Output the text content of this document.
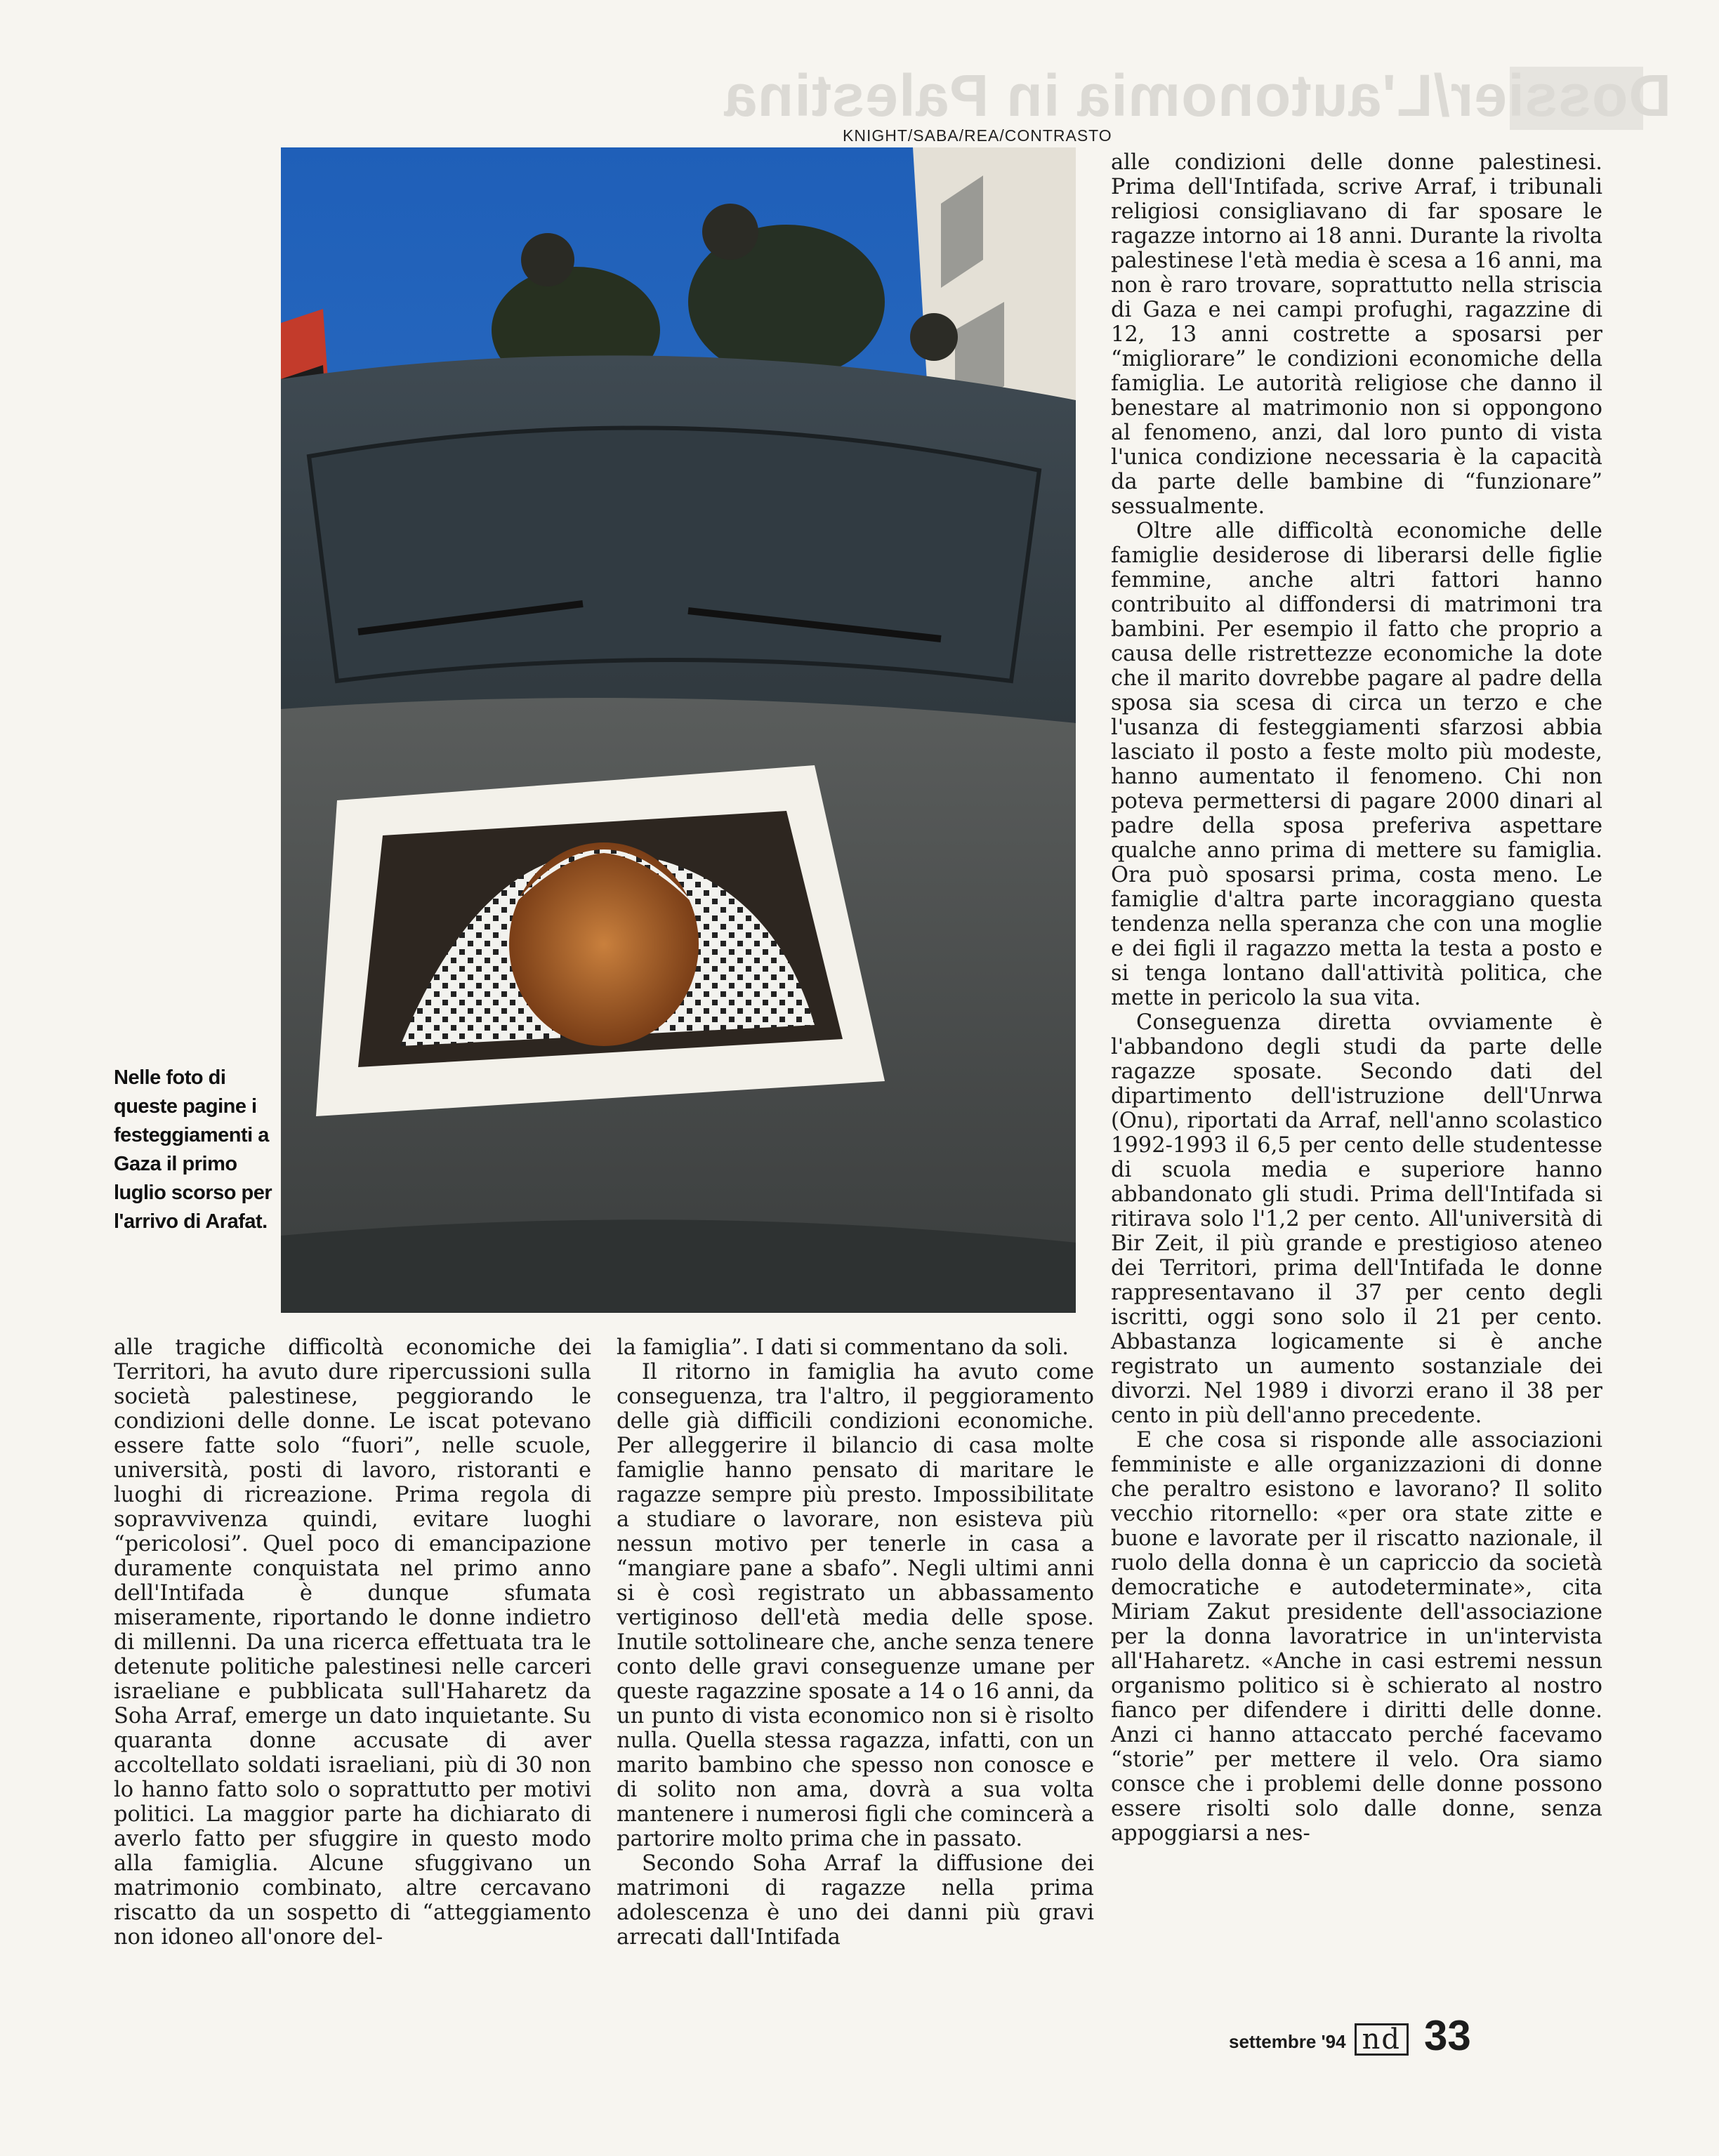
Dossier/L'autonomia in Palestina
KNIGHT/SABA/REA/CONTRASTO
Nelle foto di queste pagine i festeggiamenti a Gaza il primo luglio scorso per l'arrivo di Arafat.

alle condizioni delle donne palestinesi. Prima dell'Intifada, scrive Arraf, i tribunali religiosi consigliavano di far sposare le ragazze intorno ai 18 anni. Durante la rivolta palestinese l'età media è scesa a 16 anni, ma non è raro trovare, soprattutto nella striscia di Gaza e nei campi profughi, ragazzine di 12, 13 anni costrette a sposarsi per “migliorare” le condizioni economiche della famiglia. Le autorità religiose che danno il benestare al matrimonio non si oppongono al fenomeno, anzi, dal loro punto di vista l'unica condizione necessaria è la capacità da parte delle bambine di “funzionare” sessualmente.

Oltre alle difficoltà economiche delle famiglie desiderose di liberarsi delle figlie femmine, anche altri fattori hanno contribuito al diffondersi di matrimoni tra bambini. Per esempio il fatto che proprio a causa delle ristrettezze economiche la dote che il marito dovrebbe pagare al padre della sposa sia scesa di circa un terzo e che l'usanza di festeggiamenti sfarzosi abbia lasciato il posto a feste molto più modeste, hanno aumentato il fenomeno. Chi non poteva permettersi di pagare 2000 dinari al padre della sposa preferiva aspettare qualche anno prima di mettere su famiglia. Ora può sposarsi prima, costa meno. Le famiglie d'altra parte incoraggiano questa tendenza nella speranza che con una moglie e dei figli il ragazzo metta la testa a posto e si tenga lontano dall'attività politica, che mette in pericolo la sua vita.

Conseguenza diretta ovviamente è l'abbandono degli studi da parte delle ragazze sposate. Secondo dati del dipartimento dell'istruzione dell'Unrwa (Onu), riportati da Arraf, nell'anno scolastico 1992-1993 il 6,5 per cento delle studentesse di scuola media e superiore hanno abbandonato gli studi. Prima dell'Intifada si ritirava solo l'1,2 per cento. All'università di Bir Zeit, il più grande e prestigioso ateneo dei Territori, prima dell'Intifada le donne rappresentavano il 37 per cento degli iscritti, oggi sono solo il 21 per cento. Abbastanza logicamente si è anche registrato un aumento sostanziale dei divorzi. Nel 1989 i divorzi erano il 38 per cento in più dell'anno precedente.

E che cosa si risponde alle associazioni femministe e alle organizzazioni di donne che peraltro esistono e lavorano? Il solito vecchio ritornello: «per ora state zitte e buone e lavorate per il riscatto nazionale, il ruolo della donna è un capriccio da società democratiche e autodeterminate», cita Miriam Zakut presidente dell'associazione per la donna lavoratrice in un'intervista all'Haharetz. «Anche in casi estremi nessun organismo politico si è schierato al nostro fianco per difendere i diritti delle donne. Anzi ci hanno attaccato perché facevamo “storie” per mettere il velo. Ora siamo consce che i problemi delle donne possono essere risolti solo dalle donne, senza appoggiarsi a nes-

alle tragiche difficoltà economiche dei Territori, ha avuto dure ripercussioni sulla società palestinese, peggiorando le condizioni delle donne. Le iscat potevano essere fatte solo “fuori”, nelle scuole, università, posti di lavoro, ristoranti e luoghi di ricreazione. Prima regola di sopravvivenza quindi, evitare luoghi “pericolosi”. Quel poco di emancipazione duramente conquistata nel primo anno dell'Intifada è dunque sfumata miseramente, riportando le donne indietro di millenni. Da una ricerca effettuata tra le detenute politiche palestinesi nelle carceri israeliane e pubblicata sull'Haharetz da Soha Arraf, emerge un dato inquietante. Su quaranta donne accusate di aver accoltellato soldati israeliani, più di 30 non lo hanno fatto solo o soprattutto per motivi politici. La maggior parte ha dichiarato di averlo fatto per sfuggire in questo modo alla famiglia. Alcune sfuggivano un matrimonio combinato, altre cercavano riscatto da un sospetto di “atteggiamento non idoneo all'onore del-

la famiglia”. I dati si commentano da soli.

Il ritorno in famiglia ha avuto come conseguenza, tra l'altro, il peggioramento delle già difficili condizioni economiche. Per alleggerire il bilancio di casa molte famiglie hanno pensato di maritare le ragazze sempre più presto. Impossibilitate a studiare o lavorare, non esisteva più nessun motivo per tenerle in casa a “mangiare pane a sbafo”. Negli ultimi anni si è così registrato un abbassamento vertiginoso dell'età media delle spose. Inutile sottolineare che, anche senza tenere conto delle gravi conseguenze umane per queste ragazzine sposate a 14 o 16 anni, da un punto di vista economico non si è risolto nulla. Quella stessa ragazza, infatti, con un marito bambino che spesso non conosce e di solito non ama, dovrà a sua volta mantenere i numerosi figli che comincerà a partorire molto prima che in passato.

Secondo Soha Arraf la diffusione dei matrimoni di ragazze nella prima adolescenza è uno dei danni più gravi arrecati dall'Intifada

settembre '94 nd 33
